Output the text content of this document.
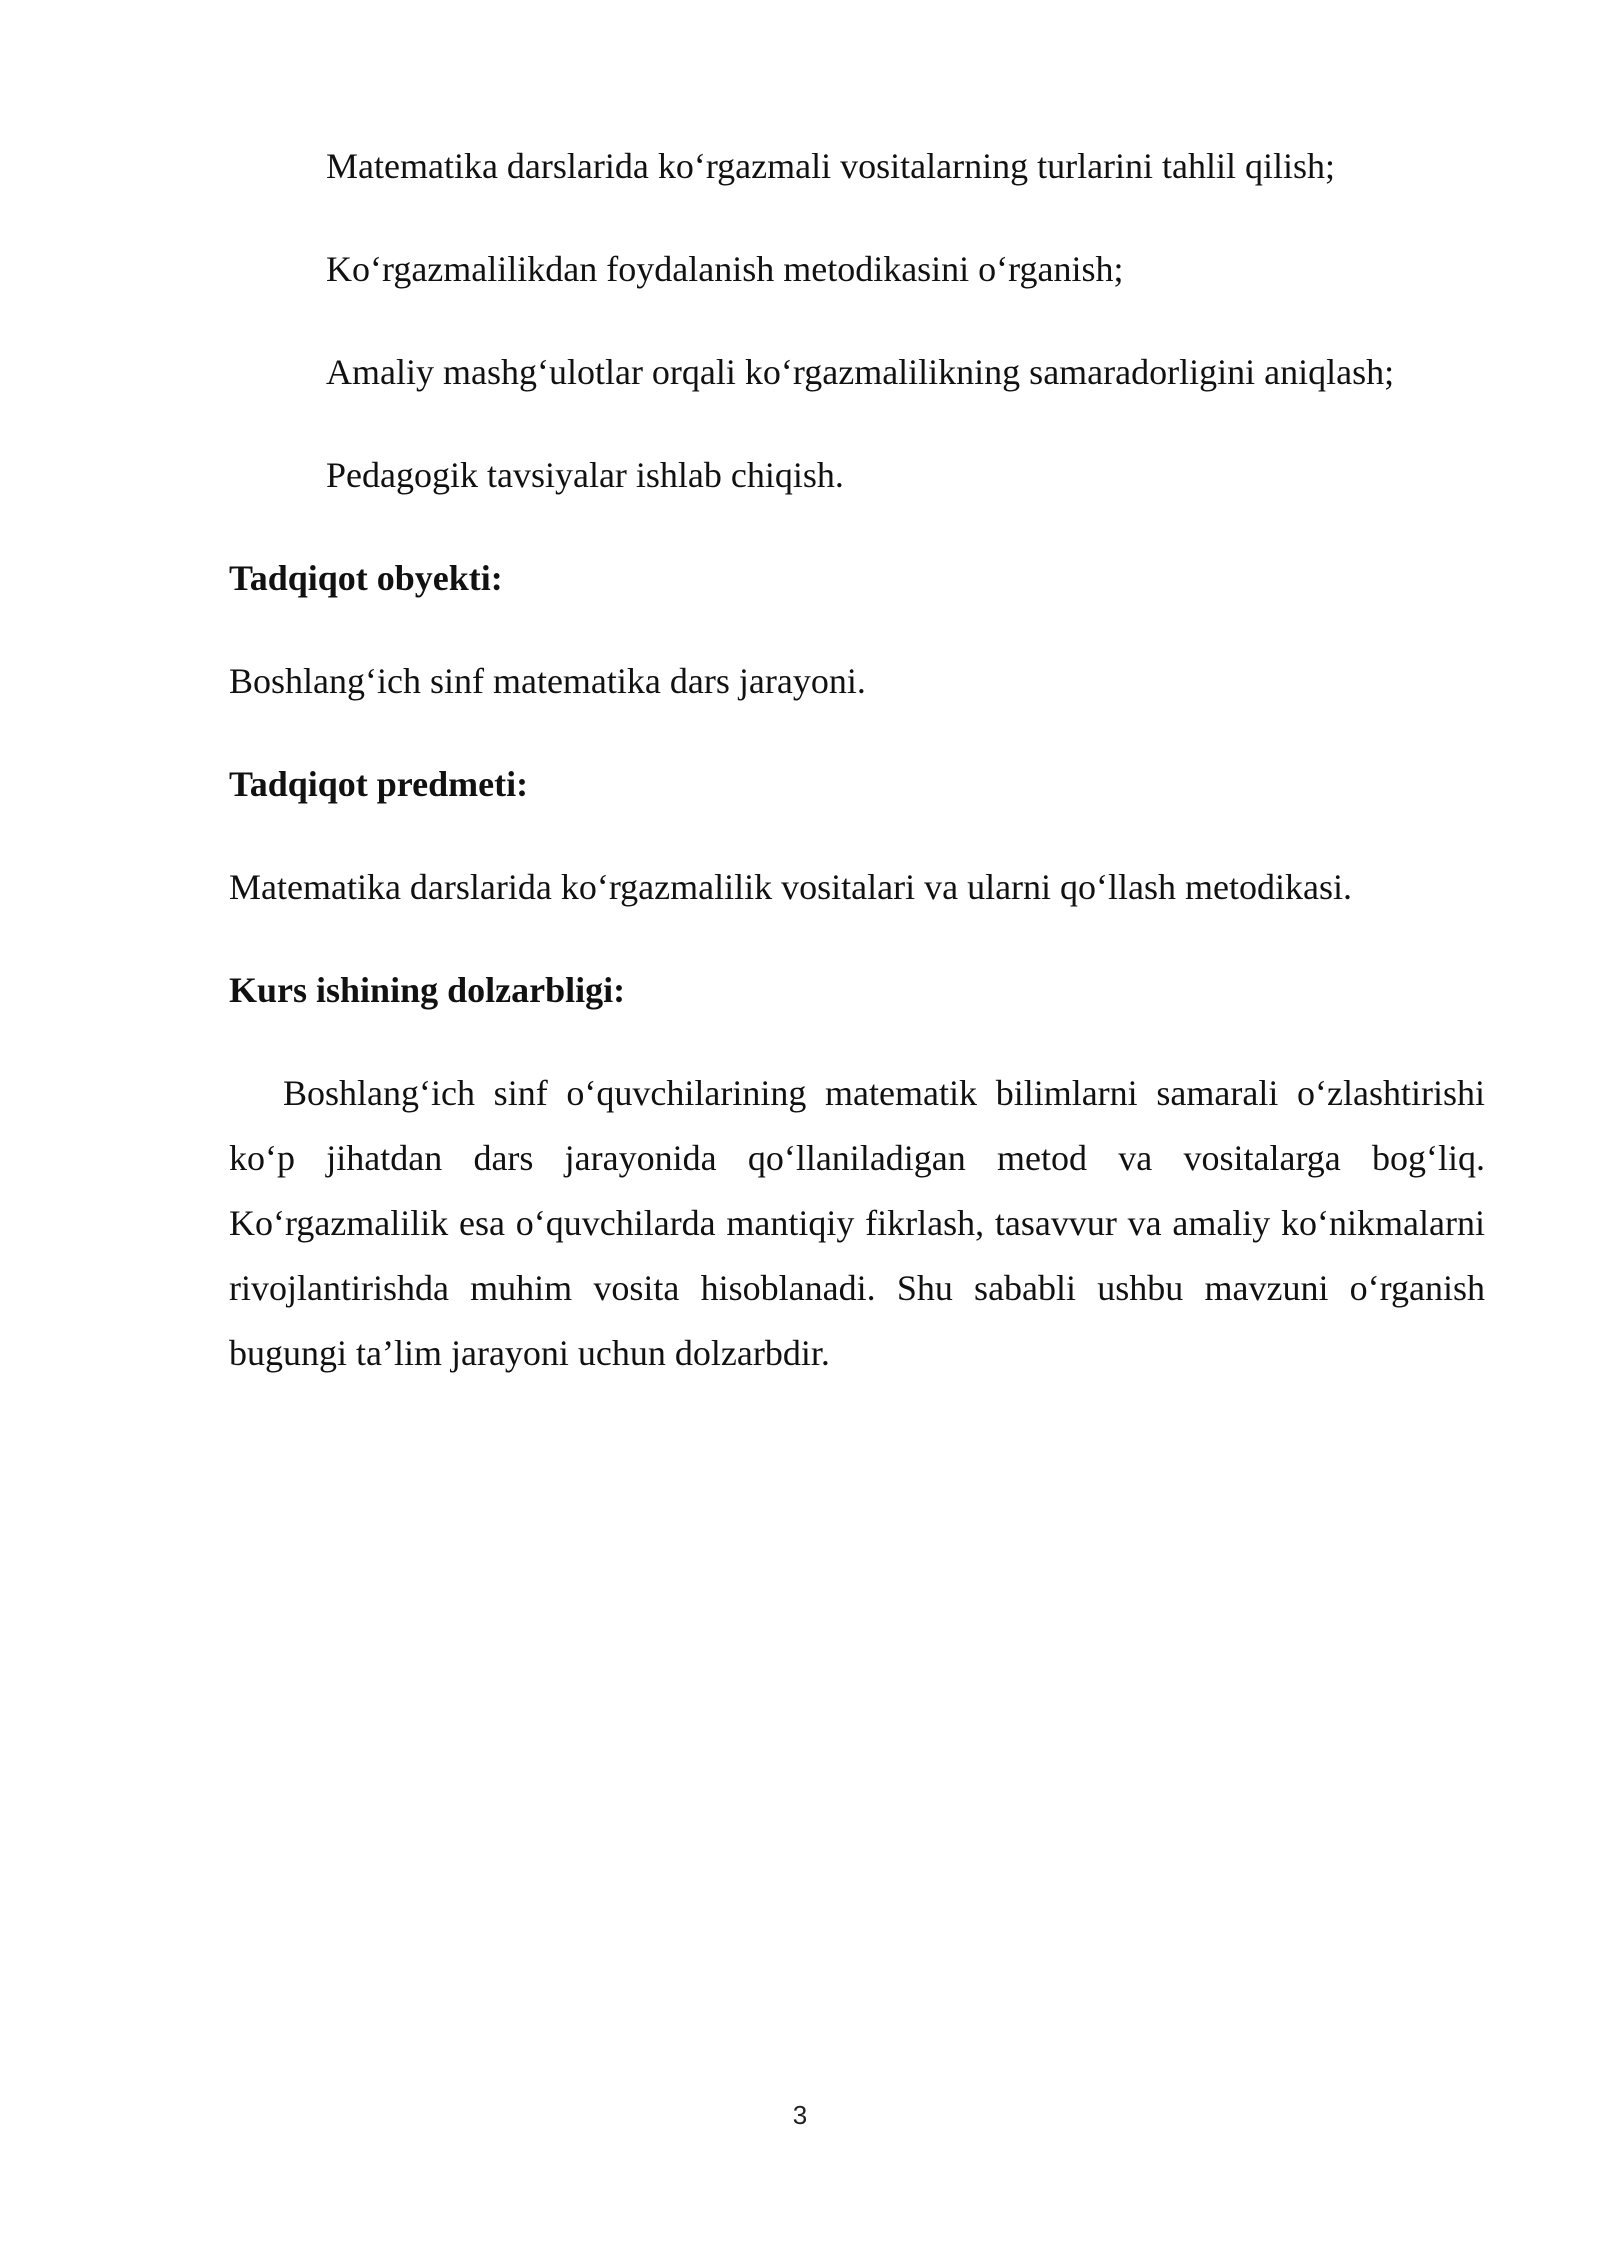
Matematika darslarida ko‘rgazmali vositalarning turlarini tahlil qilish;
Ko‘rgazmalilikdan foydalanish metodikasini o‘rganish;
Amaliy mashg‘ulotlar orqali ko‘rgazmalilikning samaradorligini aniqlash;
Pedagogik tavsiyalar ishlab chiqish.

Tadqiqot obyekti:

Boshlang‘ich sinf matematika dars jarayoni.

Tadqiqot predmeti:

Matematika darslarida ko‘rgazmalilik vositalari va ularni qo‘llash metodikasi.

Kurs ishining dolzarbligi:

Boshlang‘ich sinf o‘quvchilarining matematik bilimlarni samarali o‘zlashtirishi ko‘p jihatdan dars jarayonida qo‘llaniladigan metod va vositalarga bog‘liq. Ko‘rgazmalilik esa o‘quvchilarda mantiqiy fikrlash, tasavvur va amaliy ko‘nikmalarni rivojlantirishda muhim vosita hisoblanadi. Shu sababli ushbu mavzuni o‘rganish bugungi ta’lim jarayoni uchun dolzarbdir.

3
